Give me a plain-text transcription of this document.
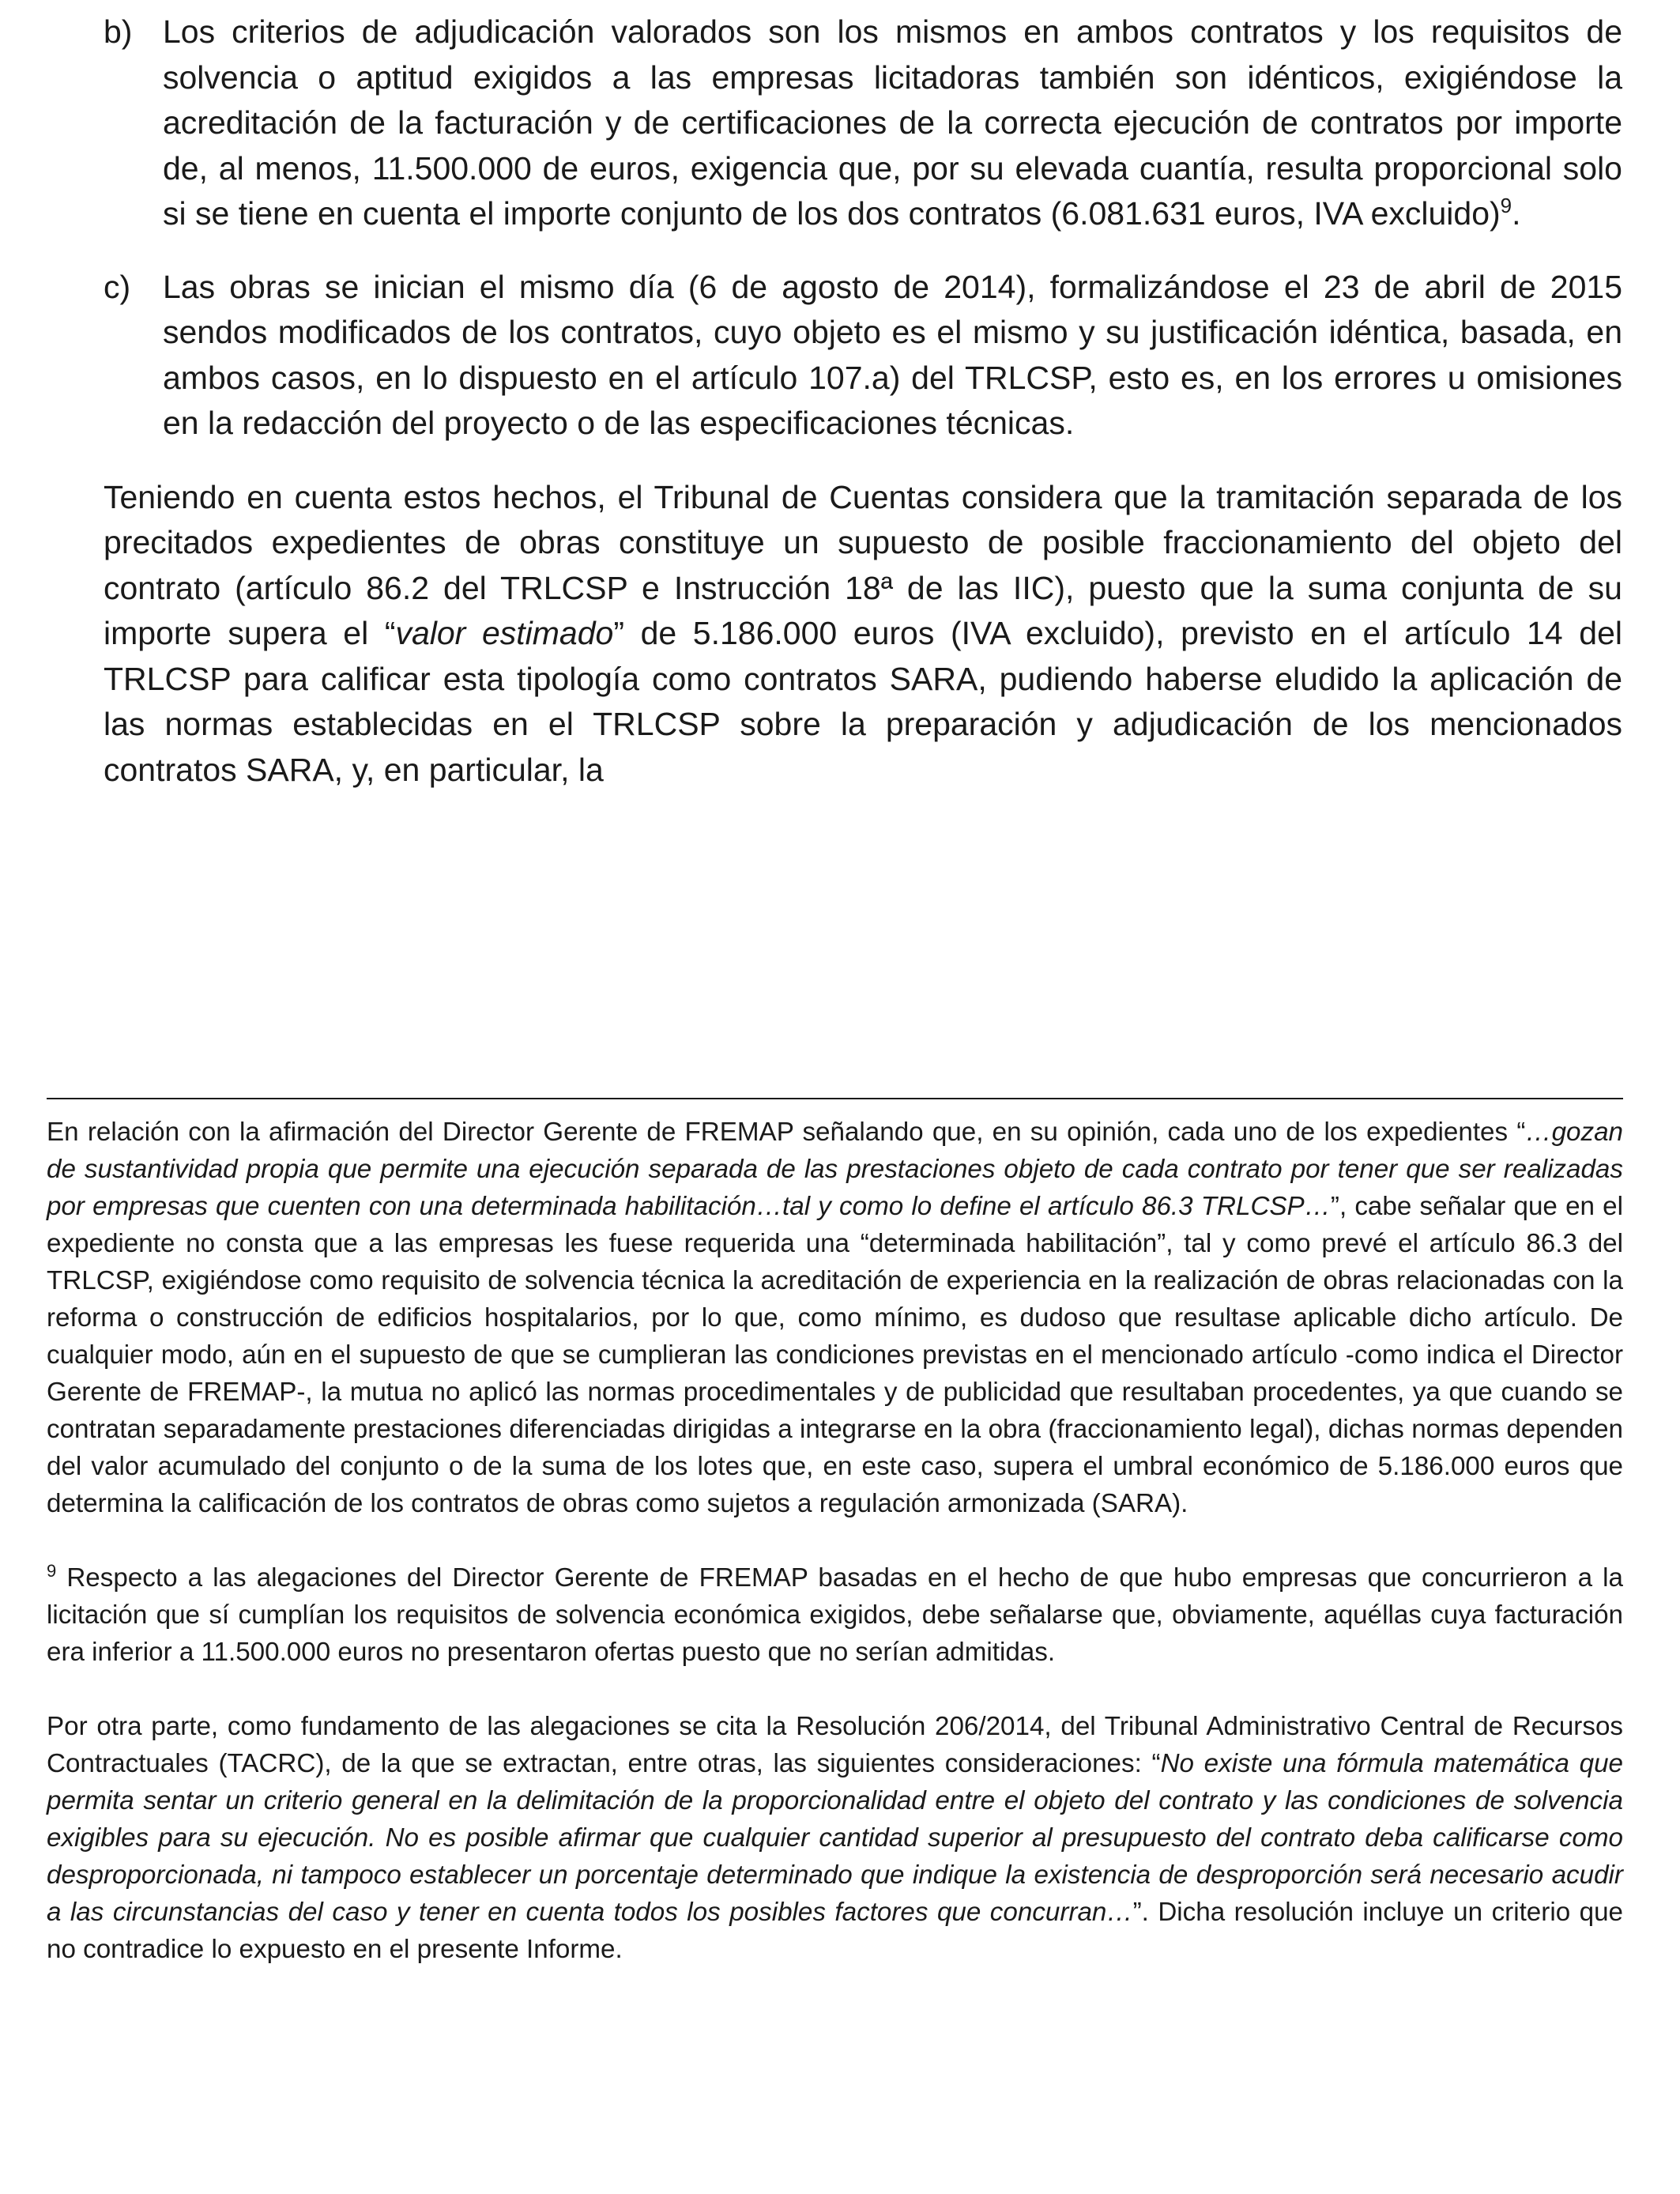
b) Los criterios de adjudicación valorados son los mismos en ambos contratos y los requisitos de solvencia o aptitud exigidos a las empresas licitadoras también son idénticos, exigiéndose la acreditación de la facturación y de certificaciones de la correcta ejecución de contratos por importe de, al menos, 11.500.000 de euros, exigencia que, por su elevada cuantía, resulta proporcional solo si se tiene en cuenta el importe conjunto de los dos contratos (6.081.631 euros, IVA excluido)$^9$.
c) Las obras se inician el mismo día (6 de agosto de 2014), formalizándose el 23 de abril de 2015 sendos modificados de los contratos, cuyo objeto es el mismo y su justificación idéntica, basada, en ambos casos, en lo dispuesto en el artículo 107.a) del TRLCSP, esto es, en los errores u omisiones en la redacción del proyecto o de las especificaciones técnicas.

Teniendo en cuenta estos hechos, el Tribunal de Cuentas considera que la tramitación separada de los precitados expedientes de obras constituye un supuesto de posible fraccionamiento del objeto del contrato (artículo 86.2 del TRLCSP e Instrucción 18ª de las IIC), puesto que la suma conjunta de su importe supera el “valor estimado” de 5.186.000 euros (IVA excluido), previsto en el artículo 14 del TRLCSP para calificar esta tipología como contratos SARA, pudiendo haberse eludido la aplicación de las normas establecidas en el TRLCSP sobre la preparación y adjudicación de los mencionados contratos SARA, y, en particular, la

En relación con la afirmación del Director Gerente de FREMAP señalando que, en su opinión, cada uno de los expedientes “…gozan de sustantividad propia que permite una ejecución separada de las prestaciones objeto de cada contrato por tener que ser realizadas por empresas que cuenten con una determinada habilitación…tal y como lo define el artículo 86.3 TRLCSP…”, cabe señalar que en el expediente no consta que a las empresas les fuese requerida una “determinada habilitación”, tal y como prevé el artículo 86.3 del TRLCSP, exigiéndose como requisito de solvencia técnica la acreditación de experiencia en la realización de obras relacionadas con la reforma o construcción de edificios hospitalarios, por lo que, como mínimo, es dudoso que resultase aplicable dicho artículo. De cualquier modo, aún en el supuesto de que se cumplieran las condiciones previstas en el mencionado artículo -como indica el Director Gerente de FREMAP-, la mutua no aplicó las normas procedimentales y de publicidad que resultaban procedentes, ya que cuando se contratan separadamente prestaciones diferenciadas dirigidas a integrarse en la obra (fraccionamiento legal), dichas normas dependen del valor acumulado del conjunto o de la suma de los lotes que, en este caso, supera el umbral económico de 5.186.000 euros que determina la calificación de los contratos de obras como sujetos a regulación armonizada (SARA).

$^9$ Respecto a las alegaciones del Director Gerente de FREMAP basadas en el hecho de que hubo empresas que concurrieron a la licitación que sí cumplían los requisitos de solvencia económica exigidos, debe señalarse que, obviamente, aquéllas cuya facturación era inferior a 11.500.000 euros no presentaron ofertas puesto que no serían admitidas.

Por otra parte, como fundamento de las alegaciones se cita la Resolución 206/2014, del Tribunal Administrativo Central de Recursos Contractuales (TACRC), de la que se extractan, entre otras, las siguientes consideraciones: “No existe una fórmula matemática que permita sentar un criterio general en la delimitación de la proporcionalidad entre el objeto del contrato y las condiciones de solvencia exigibles para su ejecución. No es posible afirmar que cualquier cantidad superior al presupuesto del contrato deba calificarse como desproporcionada, ni tampoco establecer un porcentaje determinado que indique la existencia de desproporción será necesario acudir a las circunstancias del caso y tener en cuenta todos los posibles factores que concurran…”. Dicha resolución incluye un criterio que no contradice lo expuesto en el presente Informe.
